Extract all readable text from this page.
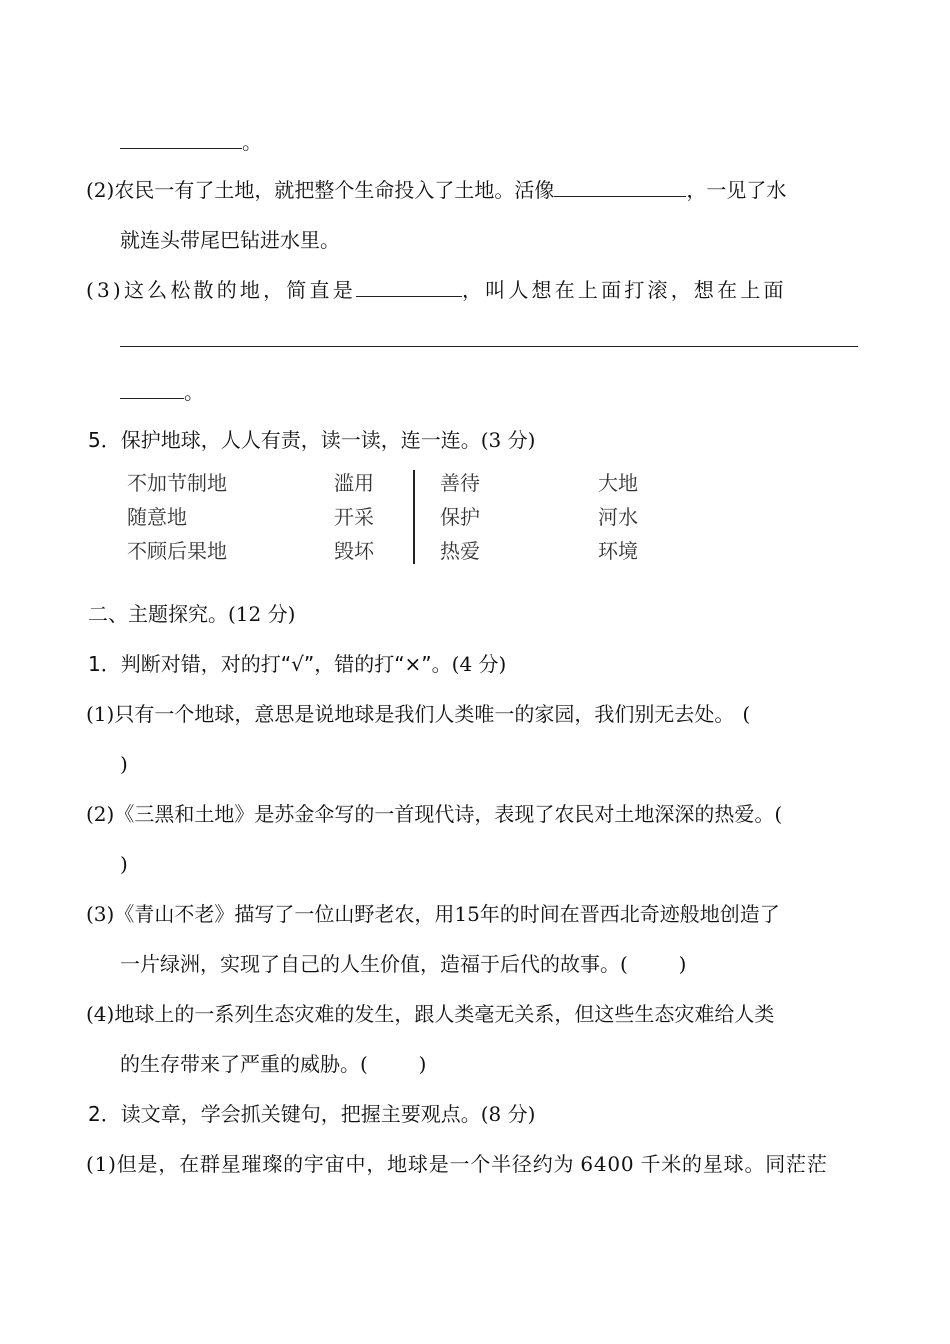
。
(2)农民一有了土地，就把整个生命投入了土地。活像	，一见了水
就连头带尾巴钻进水里。
(3)这么松散的地，简直是	，叫人想在上面打滚，想在上面
。
5．保护地球，人人有责，读一读，连一连。(3 分)
不加节制地
随意地
不顾后果地
滥用
开采
毁坏
善待
保护
热爱
大地
河水
环境
二、主题探究。(12 分)
1．判断对错，对的打“√”，错的打“×”。(4 分)
(1)只有一个地球，意思是说地球是我们人类唯一的家园，我们别无去处。 (
)
(2)《三黑和土地》是苏金伞写的一首现代诗，表现了农民对土地深深的热爱。(
)
(3)《青山不老》描写了一位山野老农，用15年的时间在晋西北奇迹般地创造了
一片绿洲，实现了自己的人生价值，造福于后代的故事。(        )
(4)地球上的一系列生态灾难的发生，跟人类毫无关系，但这些生态灾难给人类
的生存带来了严重的威胁。(        )
2．读文章，学会抓关键句，把握主要观点。(8 分)
(1)但是，在群星璀璨的宇宙中，地球是一个半径约为 6400 千米的星球。同茫茫
